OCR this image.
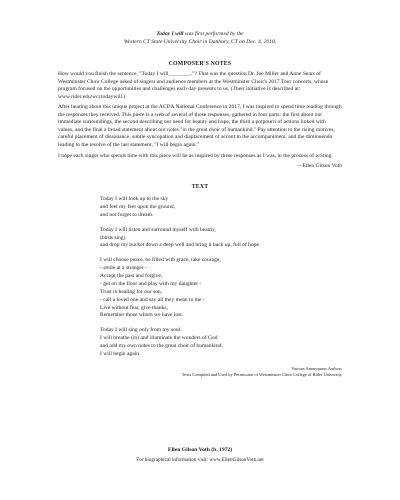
Today I will was first performed by the
Western CT State University Choir in Danbury, CT on Dec. 4, 2018.
COMPOSER'S NOTES

How would you finish the sentence, "Today I will________."? That was the question Dr. Joe Miller and Anne Sears of Westminster Choir College asked of singers and audience members at the Westminster Choir's 2017 Tour concerts, whose program focused on the opportunities and challenges each day presents to us. (Their initiative is described at: www.rider.edu/wcctodaywill.)

After hearing about this unique project at the ACDA National Conference in 2017, I was inspired to spend time reading through the responses they received. This piece is a web of several of those responses, gathered in four parts: the first about our immediate surroundings, the second describing our need for beauty and hope, the third a potpourri of actions linked with values, and the final a broad statement about our notes "in the great choir of humankind." Pay attention to the rising motives, careful placement of dissonance, subtle syncopation and displacement of accent in the accompaniment, and the diminuendo leading to the resolve of the last statement, "I will begin again."

I hope each singer who spends time with this piece will be as inspired by these responses as I was, in the process of writing.

—Ellen Gilson Voth
TEXT
Today I will look up to the sky
and feel my feet upon the ground,
and not forget to dream.
Today I will listen and surround myself with beauty,
(birds sing)
and drop my bucket down a deep well and bring it back up, full of hope.
I will choose peace, be filled with grace, take courage,
- smile at a stranger -
Accept the past and forgive,
- get on the floor and play with my daughter -
Trust in healing for our son,
- call a loved one and say all they mean to me -
Live without fear, give thanks,
Remember those whom we have lost.
Today I will sing only from my soul.
I will breathe (in) and illuminate the wonders of God
and add my own notes to the great choir of humankind.
I will begin again.
Various Anonymous Authors
Texts Compiled and Used by Permission of Westminster Choir College of Rider University
Ellen Gilson Voth (b. 1972)
For biographical information visit: www.EllenGilsonVoth.net
